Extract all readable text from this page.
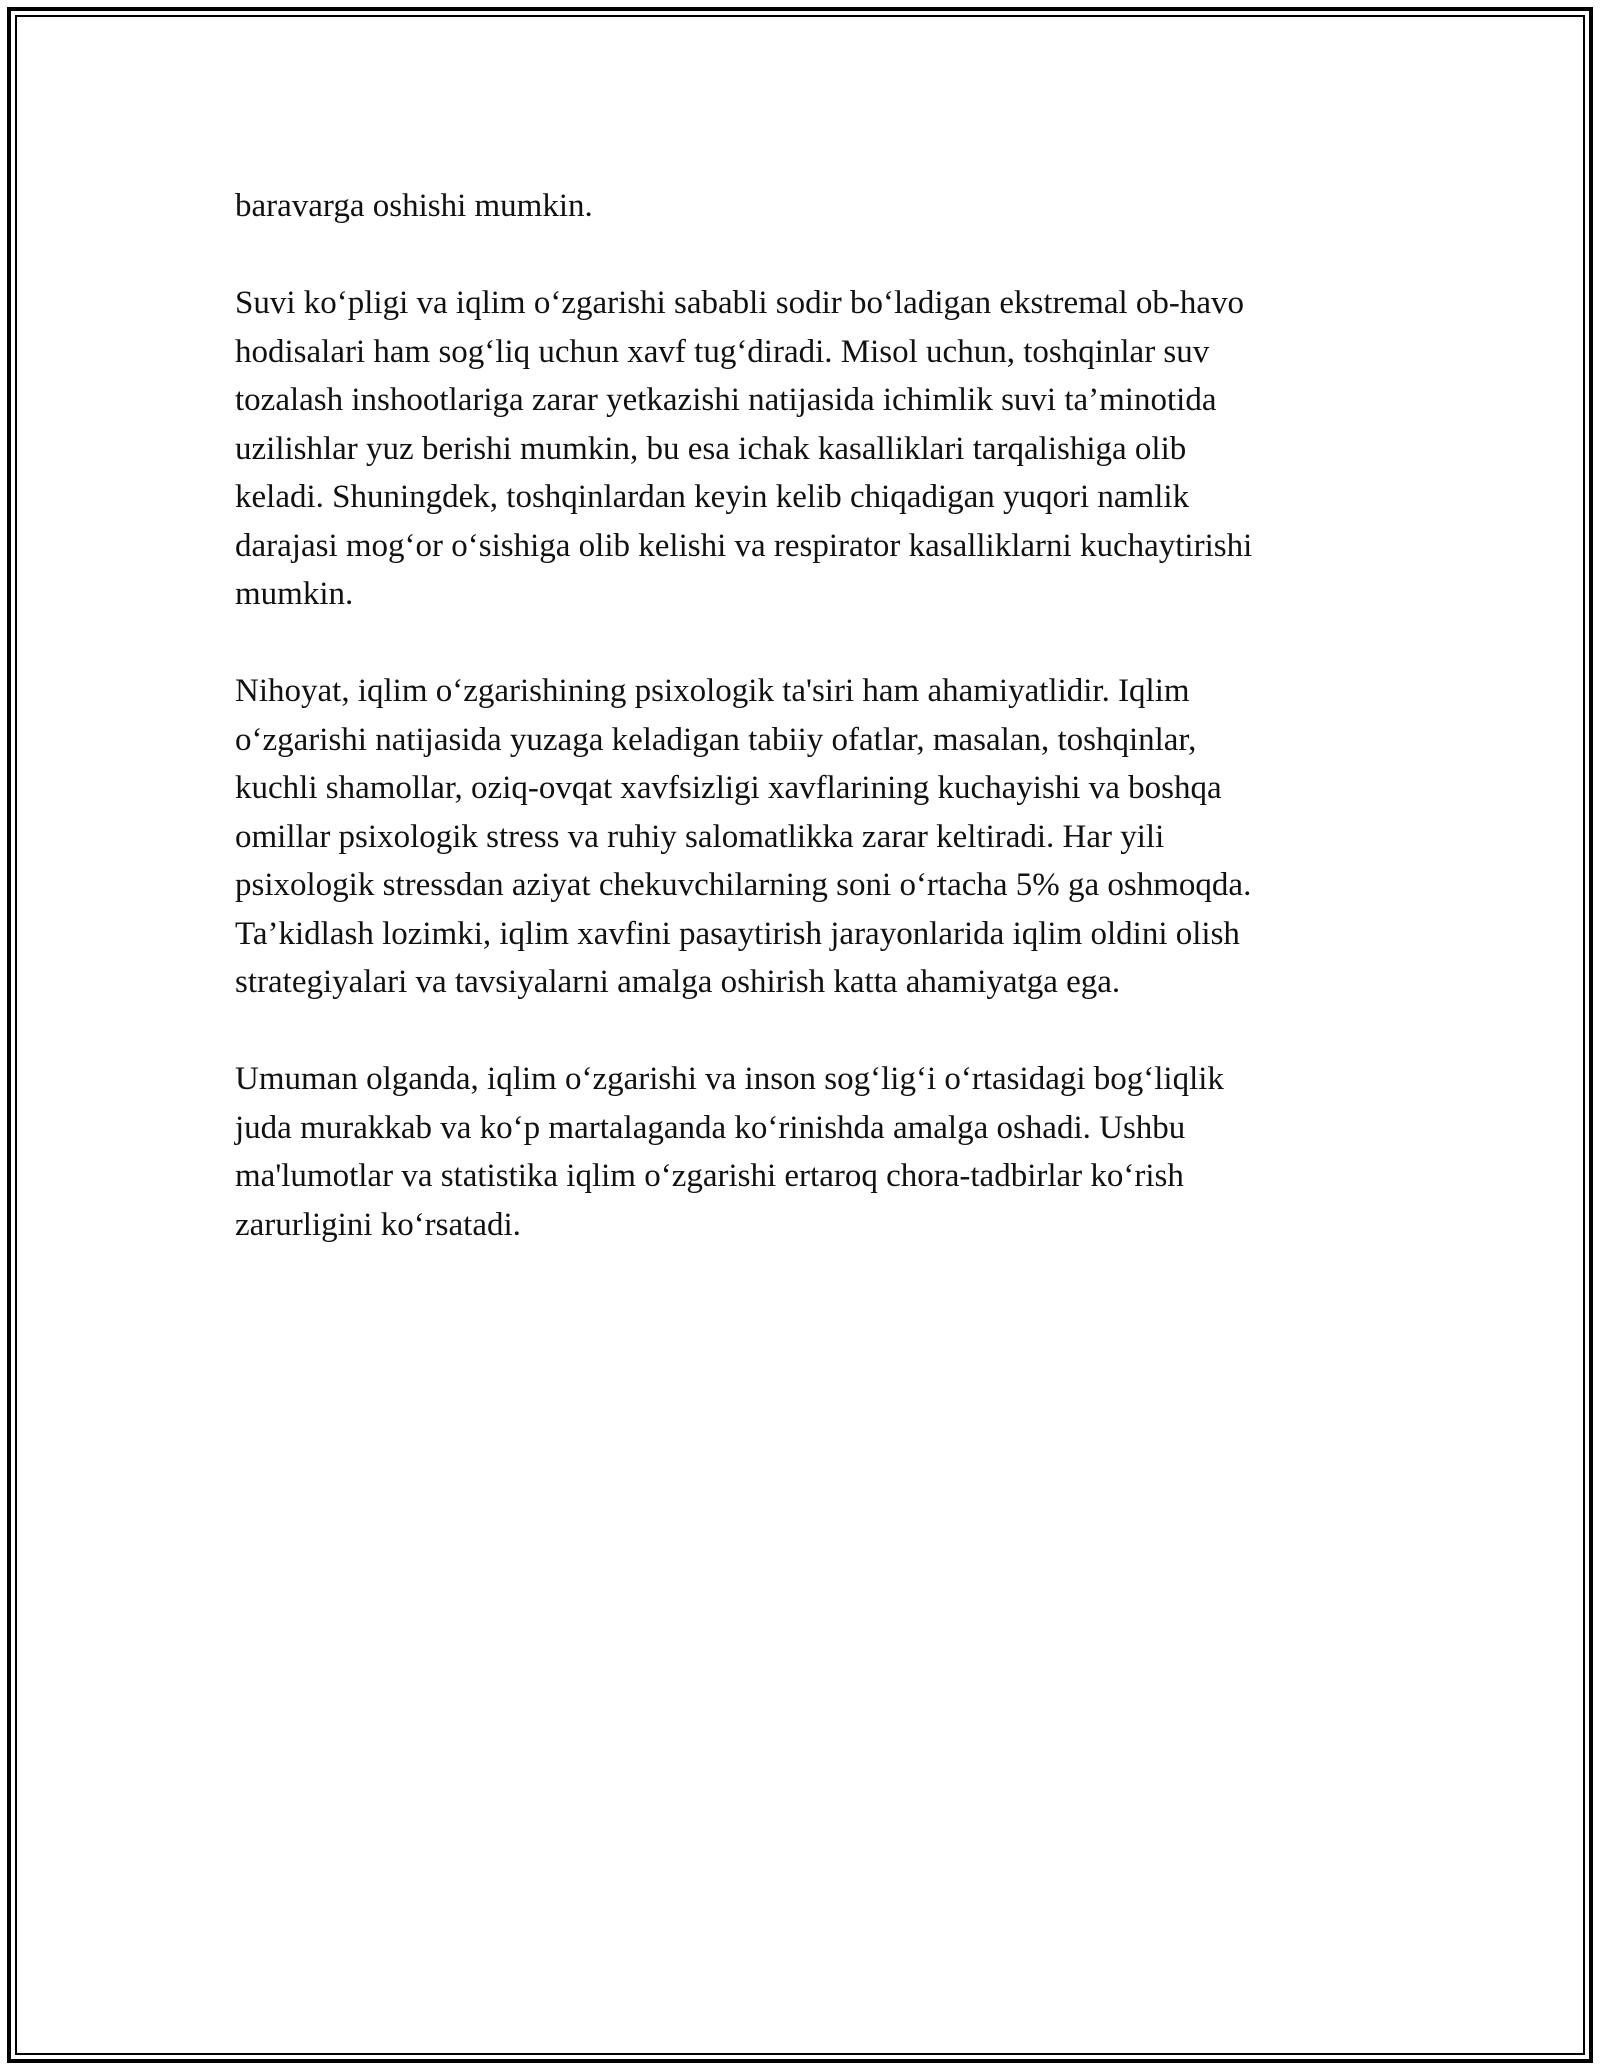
baravarga oshishi mumkin.
Suvi ko‘pligi va iqlim o‘zgarishi sababli sodir bo‘ladigan ekstremal ob-havo
hodisalari ham sog‘liq uchun xavf tug‘diradi. Misol uchun, toshqinlar suv
tozalash inshootlariga zarar yetkazishi natijasida ichimlik suvi ta’minotida
uzilishlar yuz berishi mumkin, bu esa ichak kasalliklari tarqalishiga olib
keladi. Shuningdek, toshqinlardan keyin kelib chiqadigan yuqori namlik
darajasi mog‘or o‘sishiga olib kelishi va respirator kasalliklarni kuchaytirishi
mumkin.
Nihoyat, iqlim o‘zgarishining psixologik ta'siri ham ahamiyatlidir. Iqlim
o‘zgarishi natijasida yuzaga keladigan tabiiy ofatlar, masalan, toshqinlar,
kuchli shamollar, oziq-ovqat xavfsizligi xavflarining kuchayishi va boshqa
omillar psixologik stress va ruhiy salomatlikka zarar keltiradi. Har yili
psixologik stressdan aziyat chekuvchilarning soni o‘rtacha 5% ga oshmoqda.
Ta’kidlash lozimki, iqlim xavfini pasaytirish jarayonlarida iqlim oldini olish
strategiyalari va tavsiyalarni amalga oshirish katta ahamiyatga ega.
Umuman olganda, iqlim o‘zgarishi va inson sog‘lig‘i o‘rtasidagi bog‘liqlik
juda murakkab va ko‘p martalaganda ko‘rinishda amalga oshadi. Ushbu
ma'lumotlar va statistika iqlim o‘zgarishi ertaroq chora-tadbirlar ko‘rish
zarurligini ko‘rsatadi.
